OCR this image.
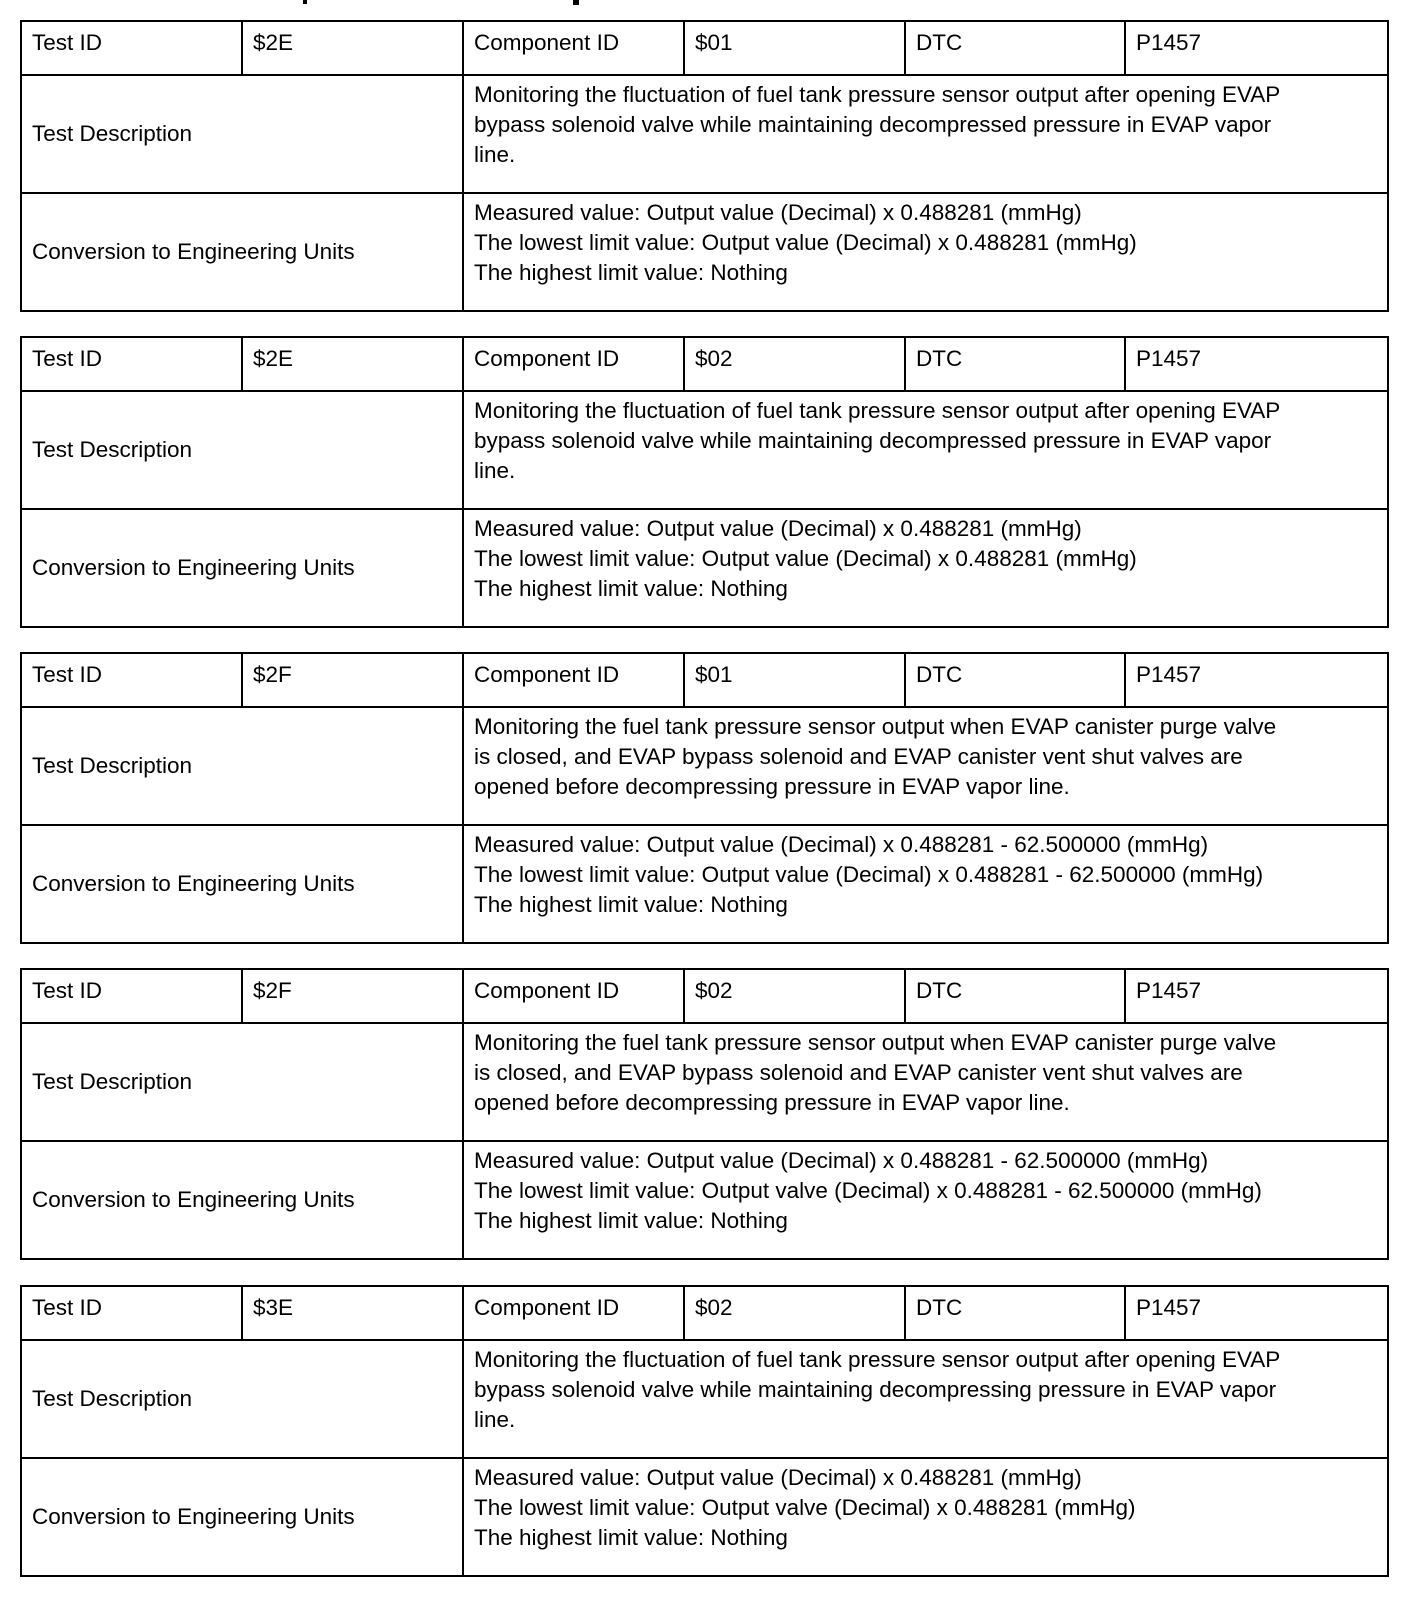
Test ID	$2E	Component ID	$01	DTC	P1457
Test Description		Monitoring the fluctuation of fuel tank pressure sensor output after opening EVAP
bypass solenoid valve while maintaining decompressed pressure in EVAP vapor
line.			

Conversion to Engineering Units		Measured value: Output value (Decimal) x 0.488281 (mmHg)
The lowest limit value: Output value (Decimal) x 0.488281 (mmHg)
The highest limit value: Nothing			
Test ID	$2E	Component ID	$02	DTC	P1457
Test Description		Monitoring the fluctuation of fuel tank pressure sensor output after opening EVAP
bypass solenoid valve while maintaining decompressed pressure in EVAP vapor
line.			

Conversion to Engineering Units		Measured value: Output value (Decimal) x 0.488281 (mmHg)
The lowest limit value: Output value (Decimal) x 0.488281 (mmHg)
The highest limit value: Nothing			
Test ID	$2F	Component ID	$01	DTC	P1457
Test Description		Monitoring the fuel tank pressure sensor output when EVAP canister purge valve
is closed, and EVAP bypass solenoid and EVAP canister vent shut valves are
opened before decompressing pressure in EVAP vapor line.			

Conversion to Engineering Units		Measured value: Output value (Decimal) x 0.488281 - 62.500000 (mmHg)
The lowest limit value: Output value (Decimal) x 0.488281 - 62.500000 (mmHg)
The highest limit value: Nothing			
Test ID	$2F	Component ID	$02	DTC	P1457
Test Description		Monitoring the fuel tank pressure sensor output when EVAP canister purge valve
is closed, and EVAP bypass solenoid and EVAP canister vent shut valves are
opened before decompressing pressure in EVAP vapor line.			

Conversion to Engineering Units		Measured value: Output value (Decimal) x 0.488281 - 62.500000 (mmHg)
The lowest limit value: Output valve (Decimal) x 0.488281 - 62.500000 (mmHg)
The highest limit value: Nothing			
Test ID	$3E	Component ID	$02	DTC	P1457
Test Description		Monitoring the fluctuation of fuel tank pressure sensor output after opening EVAP
bypass solenoid valve while maintaining decompressing pressure in EVAP vapor
line.			

Conversion to Engineering Units		Measured value: Output value (Decimal) x 0.488281 (mmHg)
The lowest limit value: Output valve (Decimal) x 0.488281 (mmHg)
The highest limit value: Nothing			
